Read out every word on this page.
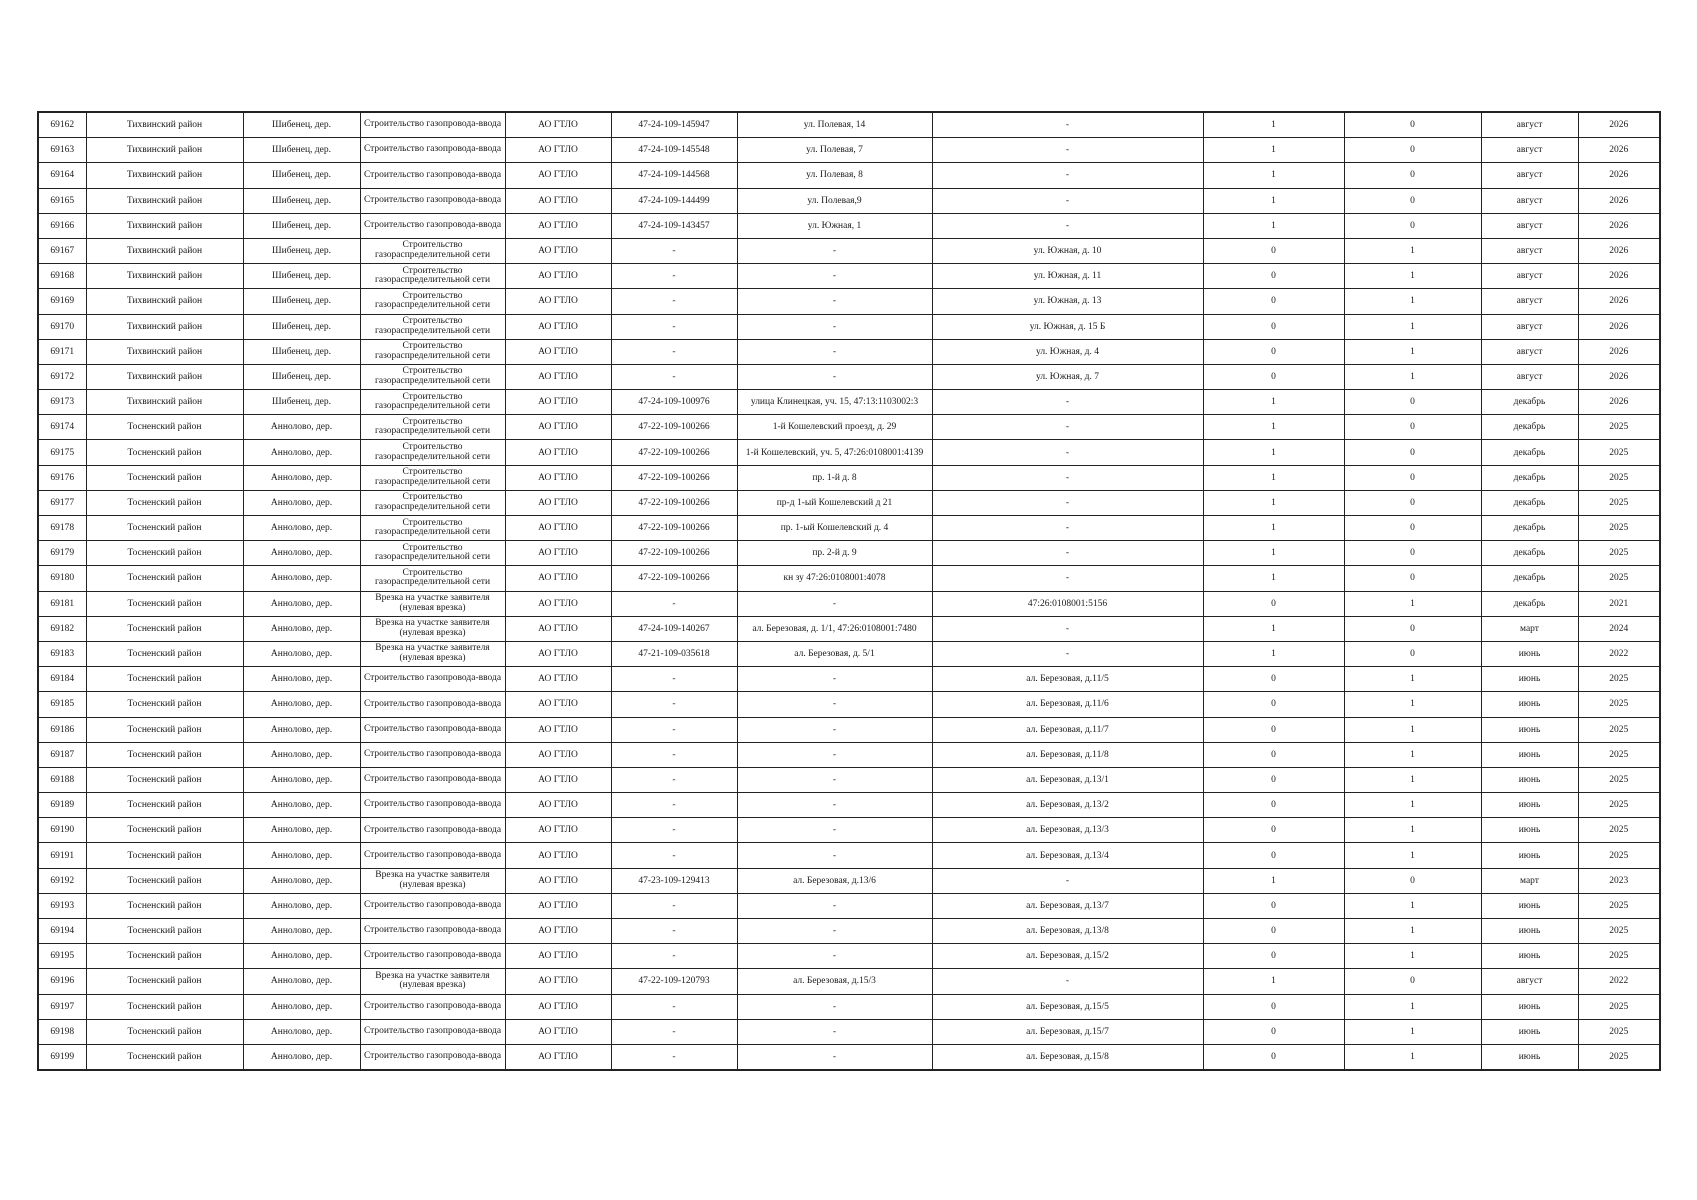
69162	Тихвинский район	Шибенец, дер.	Строительство газопровода-ввода	АО ГТЛО	47-24-109-145947	ул. Полевая, 14	-	1	0	август	2026
69163	Тихвинский район	Шибенец, дер.	Строительство газопровода-ввода	АО ГТЛО	47-24-109-145548	ул. Полевая, 7	-	1	0	август	2026
69164	Тихвинский район	Шибенец, дер.	Строительство газопровода-ввода	АО ГТЛО	47-24-109-144568	ул. Полевая, 8	-	1	0	август	2026
69165	Тихвинский район	Шибенец, дер.	Строительство газопровода-ввода	АО ГТЛО	47-24-109-144499	ул. Полевая,9	-	1	0	август	2026
69166	Тихвинский район	Шибенец, дер.	Строительство газопровода-ввода	АО ГТЛО	47-24-109-143457	ул. Южная, 1	-	1	0	август	2026
69167	Тихвинский район	Шибенец, дер.	Строительство газораспределительной сети	АО ГТЛО	-	-	ул. Южная, д. 10	0	1	август	2026
69168	Тихвинский район	Шибенец, дер.	Строительство газораспределительной сети	АО ГТЛО	-	-	ул. Южная, д. 11	0	1	август	2026
69169	Тихвинский район	Шибенец, дер.	Строительство газораспределительной сети	АО ГТЛО	-	-	ул. Южная, д. 13	0	1	август	2026
69170	Тихвинский район	Шибенец, дер.	Строительство газораспределительной сети	АО ГТЛО	-	-	ул. Южная, д. 15 Б	0	1	август	2026
69171	Тихвинский район	Шибенец, дер.	Строительство газораспределительной сети	АО ГТЛО	-	-	ул. Южная, д. 4	0	1	август	2026
69172	Тихвинский район	Шибенец, дер.	Строительство газораспределительной сети	АО ГТЛО	-	-	ул. Южная, д. 7	0	1	август	2026
69173	Тихвинский район	Шибенец, дер.	Строительство газораспределительной сети	АО ГТЛО	47-24-109-100976	улица Клинецкая, уч. 15, 47:13:1103002:3	-	1	0	декабрь	2026
69174	Тосненский район	Аннолово, дер.	Строительство газораспределительной сети	АО ГТЛО	47-22-109-100266	1-й Кошелевский проезд, д. 29	-	1	0	декабрь	2025
69175	Тосненский район	Аннолово, дер.	Строительство газораспределительной сети	АО ГТЛО	47-22-109-100266	1-й Кошелевский, уч. 5, 47:26:0108001:4139	-	1	0	декабрь	2025
69176	Тосненский район	Аннолово, дер.	Строительство газораспределительной сети	АО ГТЛО	47-22-109-100266	пр. 1-й д. 8	-	1	0	декабрь	2025
69177	Тосненский район	Аннолово, дер.	Строительство газораспределительной сети	АО ГТЛО	47-22-109-100266	пр-д 1-ый Кошелевский д 21	-	1	0	декабрь	2025
69178	Тосненский район	Аннолово, дер.	Строительство газораспределительной сети	АО ГТЛО	47-22-109-100266	пр. 1-ый Кошелевский д. 4	-	1	0	декабрь	2025
69179	Тосненский район	Аннолово, дер.	Строительство газораспределительной сети	АО ГТЛО	47-22-109-100266	пр. 2-й д. 9	-	1	0	декабрь	2025
69180	Тосненский район	Аннолово, дер.	Строительство газораспределительной сети	АО ГТЛО	47-22-109-100266	кн зу 47:26:0108001:4078	-	1	0	декабрь	2025
69181	Тосненский район	Аннолово, дер.	Врезка на участке заявителя (нулевая врезка)	АО ГТЛО	-	-	47:26:0108001:5156	0	1	декабрь	2021
69182	Тосненский район	Аннолово, дер.	Врезка на участке заявителя (нулевая врезка)	АО ГТЛО	47-24-109-140267	ал. Березовая, д. 1/1, 47:26:0108001:7480	-	1	0	март	2024
69183	Тосненский район	Аннолово, дер.	Врезка на участке заявителя (нулевая врезка)	АО ГТЛО	47-21-109-035618	ал. Березовая, д. 5/1	-	1	0	июнь	2022
69184	Тосненский район	Аннолово, дер.	Строительство газопровода-ввода	АО ГТЛО	-	-	ал. Березовая, д.11/5	0	1	июнь	2025
69185	Тосненский район	Аннолово, дер.	Строительство газопровода-ввода	АО ГТЛО	-	-	ал. Березовая, д.11/6	0	1	июнь	2025
69186	Тосненский район	Аннолово, дер.	Строительство газопровода-ввода	АО ГТЛО	-	-	ал. Березовая, д.11/7	0	1	июнь	2025
69187	Тосненский район	Аннолово, дер.	Строительство газопровода-ввода	АО ГТЛО	-	-	ал. Березовая, д.11/8	0	1	июнь	2025
69188	Тосненский район	Аннолово, дер.	Строительство газопровода-ввода	АО ГТЛО	-	-	ал. Березовая, д.13/1	0	1	июнь	2025
69189	Тосненский район	Аннолово, дер.	Строительство газопровода-ввода	АО ГТЛО	-	-	ал. Березовая, д.13/2	0	1	июнь	2025
69190	Тосненский район	Аннолово, дер.	Строительство газопровода-ввода	АО ГТЛО	-	-	ал. Березовая, д.13/3	0	1	июнь	2025
69191	Тосненский район	Аннолово, дер.	Строительство газопровода-ввода	АО ГТЛО	-	-	ал. Березовая, д.13/4	0	1	июнь	2025
69192	Тосненский район	Аннолово, дер.	Врезка на участке заявителя (нулевая врезка)	АО ГТЛО	47-23-109-129413	ал. Березовая, д.13/6	-	1	0	март	2023
69193	Тосненский район	Аннолово, дер.	Строительство газопровода-ввода	АО ГТЛО	-	-	ал. Березовая, д.13/7	0	1	июнь	2025
69194	Тосненский район	Аннолово, дер.	Строительство газопровода-ввода	АО ГТЛО	-	-	ал. Березовая, д.13/8	0	1	июнь	2025
69195	Тосненский район	Аннолово, дер.	Строительство газопровода-ввода	АО ГТЛО	-	-	ал. Березовая, д.15/2	0	1	июнь	2025
69196	Тосненский район	Аннолово, дер.	Врезка на участке заявителя (нулевая врезка)	АО ГТЛО	47-22-109-120793	ал. Березовая, д.15/3	-	1	0	август	2022
69197	Тосненский район	Аннолово, дер.	Строительство газопровода-ввода	АО ГТЛО	-	-	ал. Березовая, д.15/5	0	1	июнь	2025
69198	Тосненский район	Аннолово, дер.	Строительство газопровода-ввода	АО ГТЛО	-	-	ал. Березовая, д.15/7	0	1	июнь	2025
69199	Тосненский район	Аннолово, дер.	Строительство газопровода-ввода	АО ГТЛО	-	-	ал. Березовая, д.15/8	0	1	июнь	2025
